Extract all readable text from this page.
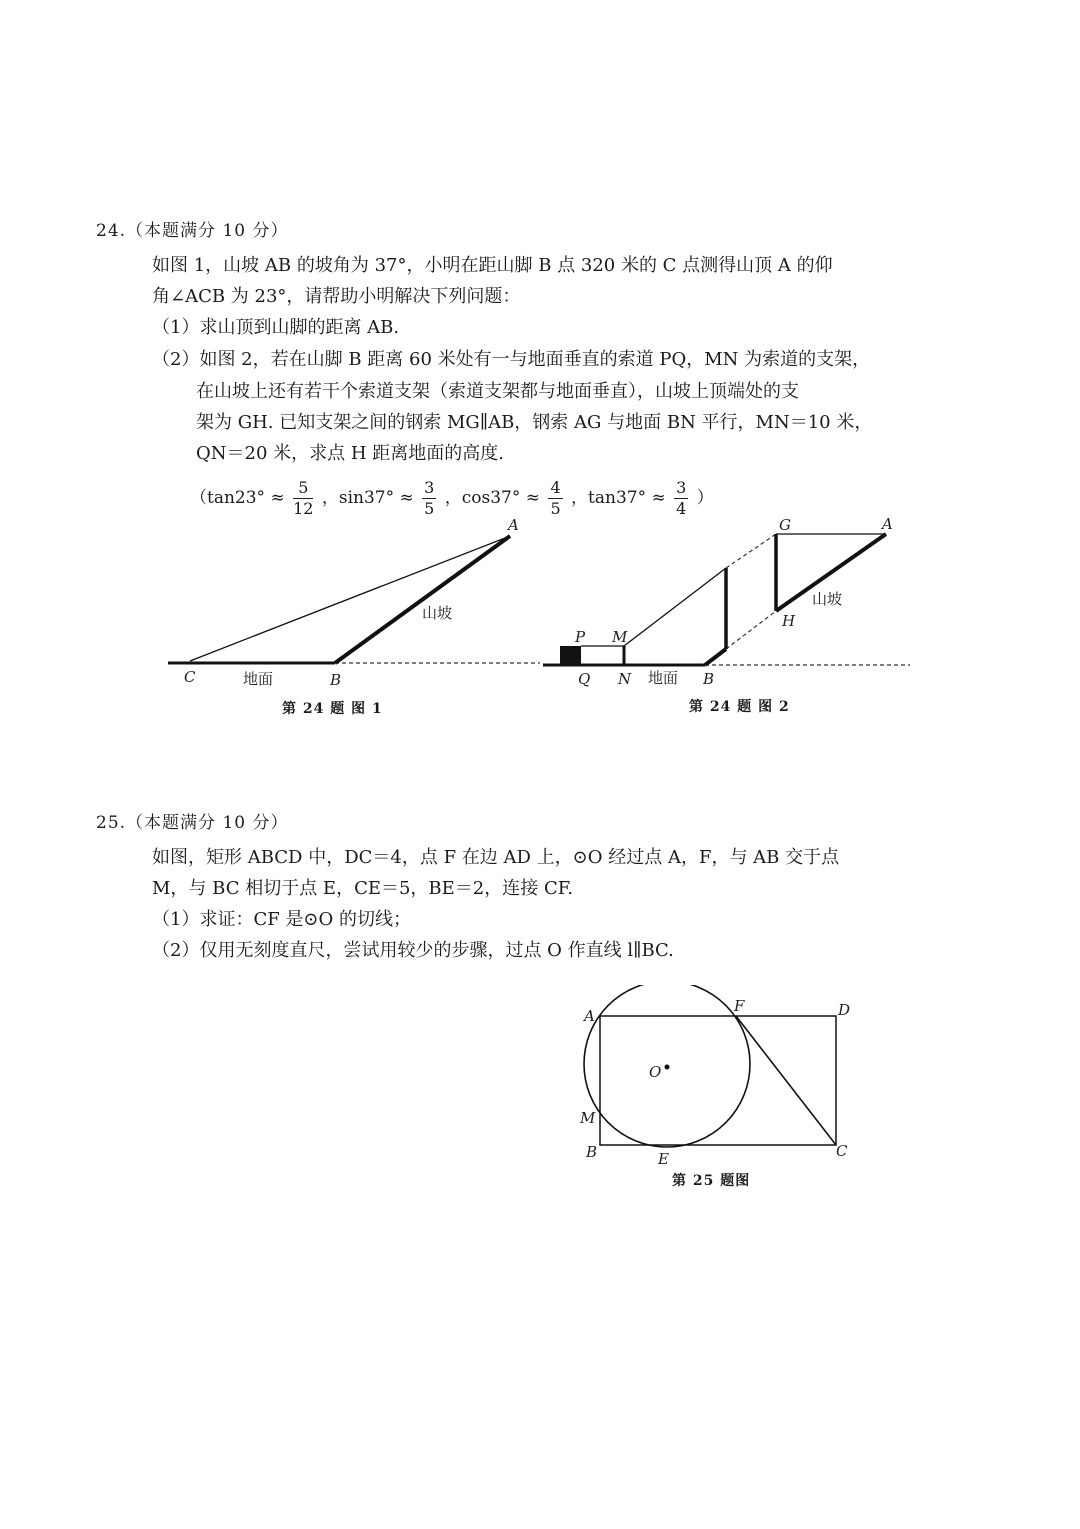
24.（本题满分 10 分）
如图 1，山坡 AB 的坡角为 37°，小明在距山脚 B 点 320 米的 C 点测得山顶 A 的仰
角∠ACB 为 23°，请帮助小明解决下列问题：
（1）求山顶到山脚的距离 AB.
（2）如图 2，若在山脚 B 距离 60 米处有一与地面垂直的索道 PQ，MN 为索道的支架，
在山坡上还有若干个索道支架（索道支架都与地面垂直），山坡上顶端处的支
架为 GH. 已知支架之间的钢索 MG∥AB，钢索 AG 与地面 BN 平行，MN＝10 米，
QN＝20 米，求点 H 距离地面的高度.
（$\tan 23^\circ \approx \frac{5}{12}$ ，$\sin 37^\circ \approx \frac{3}{5}$ ，$\cos 37^\circ \approx \frac{4}{5}$ ，$\tan 37^\circ \approx \frac{3}{4}$ ）
A
B
C
山坡
地面
第 24 题 图 1
G	A
H
P M
Q N	B
山坡
地面
第 24 题 图 2
25.（本题满分 10 分）
如图，矩形 ABCD 中，DC＝4，点 F 在边 AD 上，⊙O 经过点 A，F，与 AB 交于点
M，与 BC 相切于点 E，CE＝5，BE＝2，连接 CF.
（1）求证：CF 是⊙O 的切线；
（2）仅用无刻度直尺，尝试用较少的步骤，过点 O 作直线 l∥BC.
A
F	D
O
M
B	E	C
第 25 题图
